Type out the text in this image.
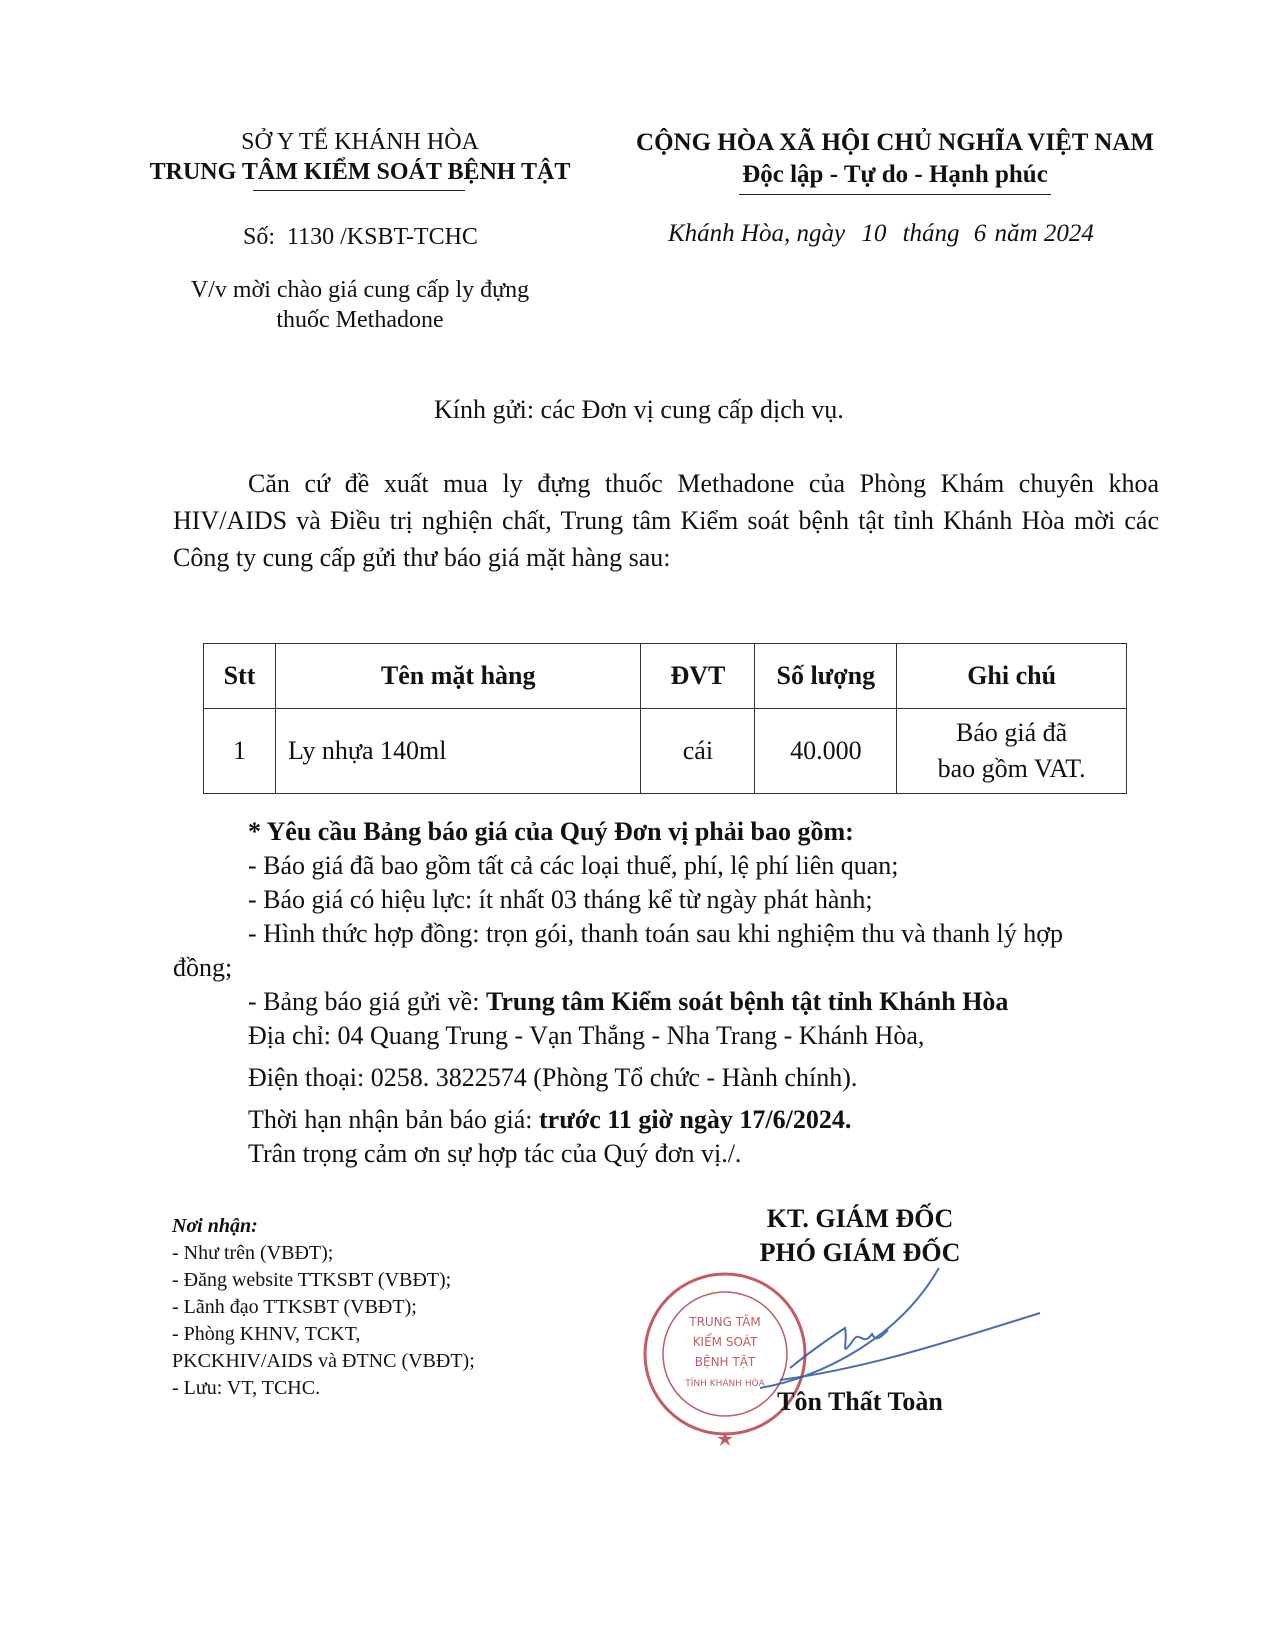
SỞ Y TẾ KHÁNH HÒA
TRUNG TÂM KIỂM SOÁT BỆNH TẬT
Số: 1130 /KSBT-TCHC
V/v mời chào giá cung cấp ly đựng
thuốc Methadone
CỘNG HÒA XÃ HỘI CHỦ NGHĨA VIỆT NAM
Độc lập - Tự do - Hạnh phúc
Khánh Hòa, ngày 10 tháng 6 năm 2024
Kính gửi: các Đơn vị cung cấp dịch vụ.
Căn cứ đề xuất mua ly đựng thuốc Methadone của Phòng Khám chuyên khoa HIV/AIDS và Điều trị nghiện chất, Trung tâm Kiểm soát bệnh tật tỉnh Khánh Hòa mời các Công ty cung cấp gửi thư báo giá mặt hàng sau:
Stt	Tên mặt hàng	ĐVT	Số lượng	Ghi chú
1	Ly nhựa 140ml	cái	40.000	Báo giá đã
bao gồm VAT.
* Yêu cầu Bảng báo giá của Quý Đơn vị phải bao gồm:
- Báo giá đã bao gồm tất cả các loại thuế, phí, lệ phí liên quan;
- Báo giá có hiệu lực: ít nhất 03 tháng kể từ ngày phát hành;
- Hình thức hợp đồng: trọn gói, thanh toán sau khi nghiệm thu và thanh lý hợp
đồng;
- Bảng báo giá gửi về: Trung tâm Kiểm soát bệnh tật tỉnh Khánh Hòa
Địa chỉ: 04 Quang Trung - Vạn Thắng - Nha Trang - Khánh Hòa,
Điện thoại: 0258. 3822574 (Phòng Tổ chức - Hành chính).
Thời hạn nhận bản báo giá: trước 11 giờ ngày 17/6/2024.
Trân trọng cảm ơn sự hợp tác của Quý đơn vị./.
Nơi nhận:
- Như trên (VBĐT);
- Đăng website TTKSBT (VBĐT);
- Lãnh đạo TTKSBT (VBĐT);
- Phòng KHNV, TCKT,
PKCKHIV/AIDS và ĐTNC (VBĐT);
- Lưu: VT, TCHC.
KT. GIÁM ĐỐC
PHÓ GIÁM ĐỐC
TRUNG TÂM
KIỂM SOÁT
BỆNH TẬT
TỈNH KHÁNH HÒA
Tôn Thất Toàn
